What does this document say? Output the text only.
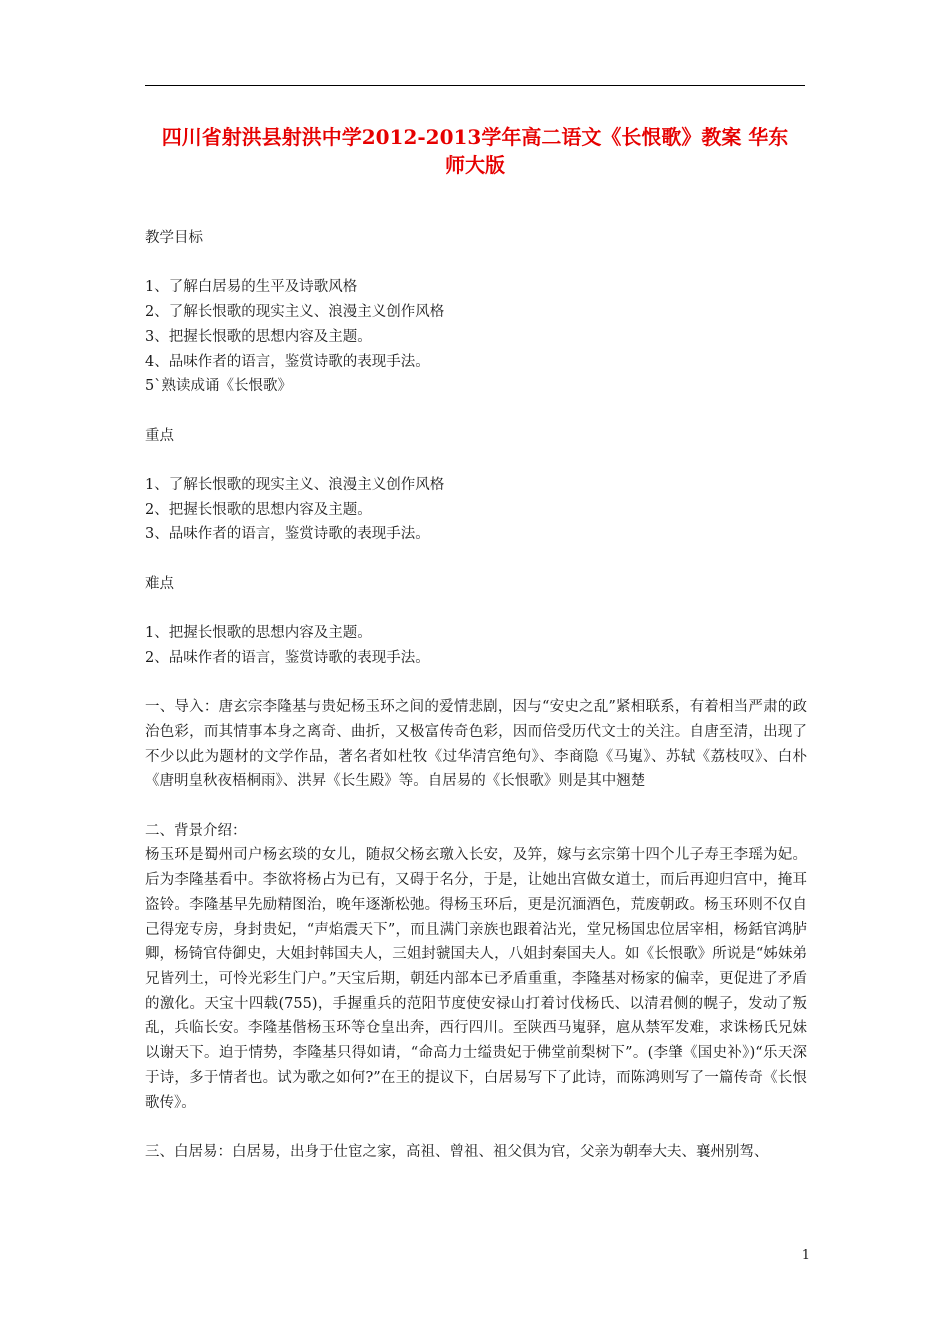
四川省射洪县射洪中学2012-2013学年高二语文《长恨歌》教案 华东
师大版

教学目标

1、了解白居易的生平及诗歌风格

2、了解长恨歌的现实主义、浪漫主义创作风格

3、把握长恨歌的思想内容及主题。

4、品味作者的语言，鉴赏诗歌的表现手法。

5`熟读成诵《长恨歌》

重点

1、了解长恨歌的现实主义、浪漫主义创作风格

2、把握长恨歌的思想内容及主题。

3、品味作者的语言，鉴赏诗歌的表现手法。

难点

1、把握长恨歌的思想内容及主题。

2、品味作者的语言，鉴赏诗歌的表现手法。

一、导入：唐玄宗李隆基与贵妃杨玉环之间的爱情悲剧，因与“安史之乱”紧相联系，有着相当严肃的政治色彩，而其情事本身之离奇、曲折，又极富传奇色彩，因而倍受历代文士的关注。自唐至清，出现了不少以此为题材的文学作品，著名者如杜牧《过华清宫绝句》、李商隐《马嵬》、苏轼《荔枝叹》、白朴《唐明皇秋夜梧桐雨》、洪昇《长生殿》等。自居易的《长恨歌》则是其中翘楚

二、背景介绍：

杨玉环是蜀州司户杨玄琰的女儿，随叔父杨玄璬入长安，及笄，嫁与玄宗第十四个儿子寿王李瑶为妃。后为李隆基看中。李欲将杨占为已有，又碍于名分，于是，让她出宫做女道士，而后再迎归宫中，掩耳盗铃。李隆基早先励精图治，晚年逐渐松弛。得杨玉环后，更是沉湎酒色，荒废朝政。杨玉环则不仅自己得宠专房，身封贵妃，“声焰震天下”，而且满门亲族也跟着沾光，堂兄杨国忠位居宰相，杨銛官鸿胪卿，杨锜官侍御史，大姐封韩国夫人，三姐封虢国夫人，八姐封秦国夫人。如《长恨歌》所说是“姊妹弟兄皆列土，可怜光彩生门户。”天宝后期，朝廷内部本已矛盾重重，李隆基对杨家的偏幸，更促进了矛盾的激化。天宝十四载(755)，手握重兵的范阳节度使安禄山打着讨伐杨氏、以清君侧的幌子，发动了叛乱，兵临长安。李隆基偕杨玉环等仓皇出奔，西行四川。至陕西马嵬驿，扈从禁军发难，求诛杨氏兄妹以谢天下。迫于情势，李隆基只得如请，“命高力士缢贵妃于佛堂前梨树下”。(李肇《国史补》)“乐天深于诗，多于情者也。试为歌之如何?”在王的提议下，白居易写下了此诗，而陈鸿则写了一篇传奇《长恨歌传》。

三、白居易：白居易，出身于仕宦之家，高祖、曾祖、祖父俱为官，父亲为朝奉大夫、襄州别驾、

1
